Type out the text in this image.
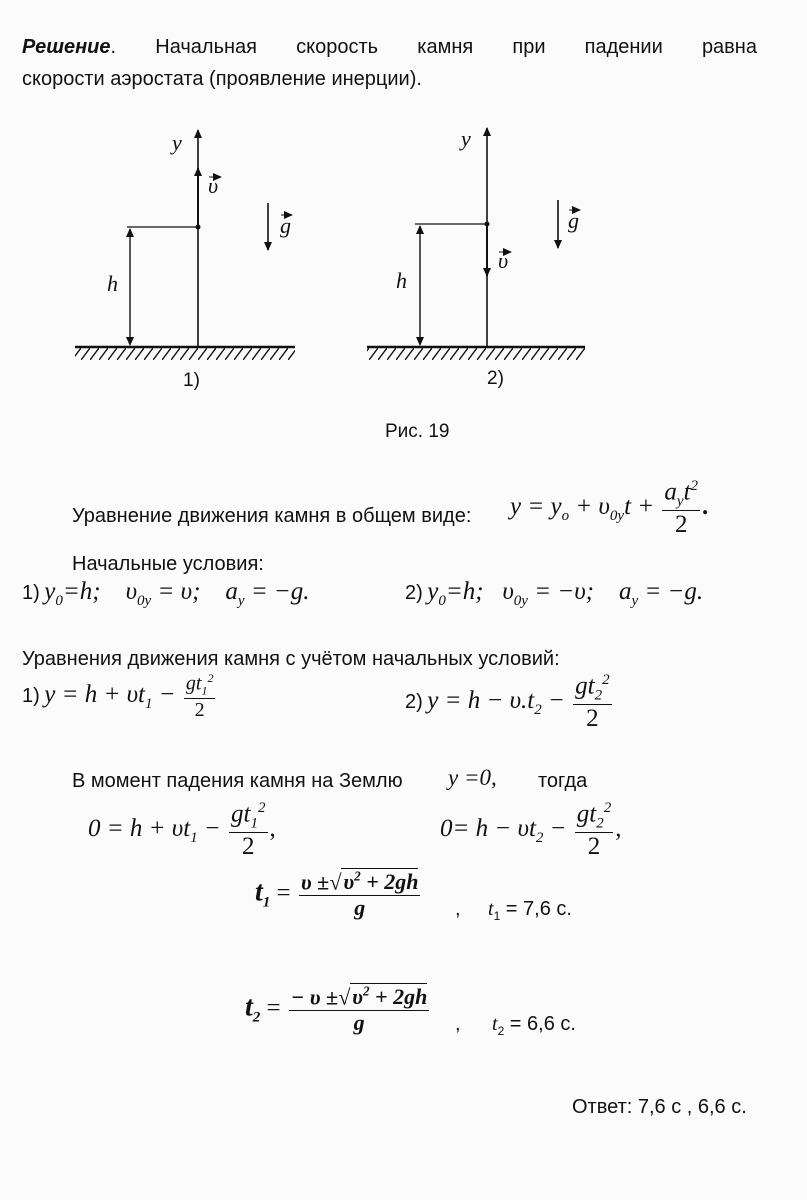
Решение. Начальная скорость камня при падении равна
скорости аэростата (проявление инерции).
y
υ
g
h
1)
y
υ
g
h
2)
Рис. 19
Уравнение движения камня в общем виде: $y = y_o + \upsilon_{0y}t + \frac{a_yt^2}{2}$ .
Начальные условия:
1) $y_0=h$; $\upsilon_{0y} = \upsilon$; $a_y = -g$.	2) $y_0=h$; $\upsilon_{0y} = -\upsilon$; $a_y = -g$.
Уравнения движения камня с учётом начальных условий:
1) $y = h + \upsilon t_1 - \frac{gt_1^2}{2}$	2) $y = h - \upsilon.t_2 - \frac{gt_2^2}{2}$
В момент падения камня на Землю y =0, тогда
$0 = h + \upsilon t_1 - \frac{gt_1^2}{2}$ ,	$0= h - \upsilon t_2 - \frac{gt_2^2}{2}$ ,
$t_1 = \frac{\upsilon \pm√\upsilon^2 + 2gh}{g}$ , $t_1 = 7,6$ с.
$t_2 = \frac{- \upsilon \pm√\upsilon^2 + 2gh}{g}$ , $t_2 = 6,6$ с.
Ответ: 7,6 с , 6,6 с.
